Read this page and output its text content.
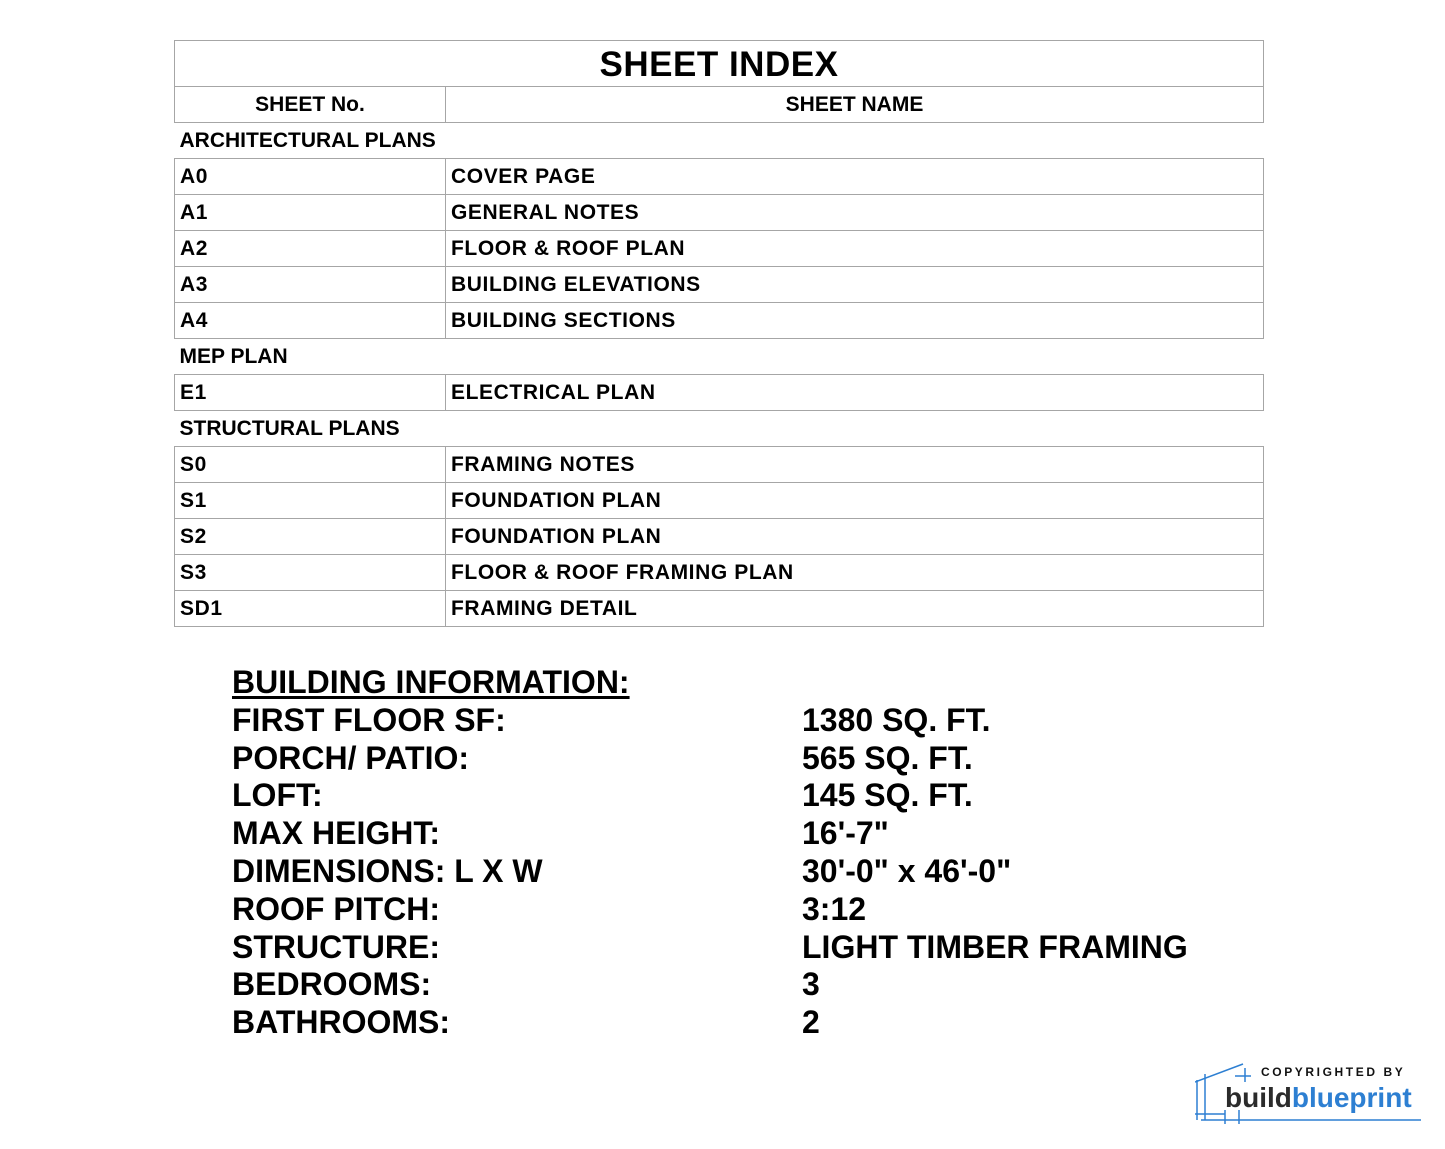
SHEET INDEX	
SHEET No.	SHEET NAME
ARCHITECTURAL PLANS	
A0	COVER PAGE
A1	GENERAL NOTES
A2	FLOOR & ROOF PLAN
A3	BUILDING ELEVATIONS
A4	BUILDING SECTIONS
MEP PLAN	
E1	ELECTRICAL PLAN
STRUCTURAL PLANS	
S0	FRAMING NOTES
S1	FOUNDATION PLAN
S2	FOUNDATION PLAN
S3	FLOOR & ROOF FRAMING PLAN
SD1	FRAMING DETAIL
BUILDING INFORMATION:
FIRST FLOOR SF:	1380 SQ. FT.
PORCH/ PATIO:	565 SQ. FT.
LOFT:	145 SQ. FT.
MAX HEIGHT:	16'-7"
DIMENSIONS: L X W	30'-0" x 46'-0"
ROOF PITCH:	3:12
STRUCTURE:	LIGHT TIMBER FRAMING
BEDROOMS:	3
BATHROOMS:	2
COPYRIGHTED BY
buildblueprint
